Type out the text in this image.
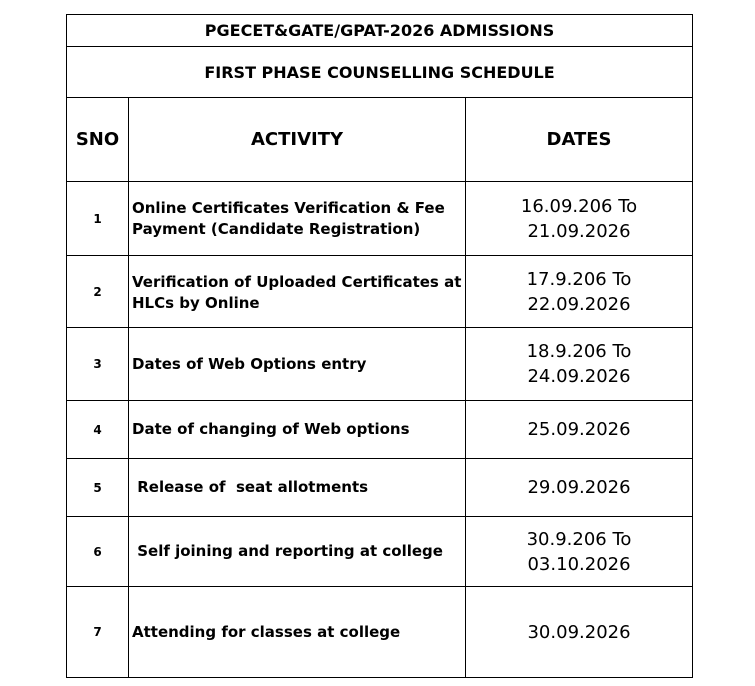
PGECET&GATE/GPAT-2026 ADMISSIONS		
FIRST PHASE COUNSELLING SCHEDULE		
SNO	ACTIVITY	DATES
1	Online Certificates Verification & Fee Payment (Candidate Registration)	16.09.206 To
21.09.2026

2	Verification of Uploaded Certificates at HLCs by Online	17.9.206 To
22.09.2026

3	Dates of Web Options entry	18.9.206 To
24.09.2026

4	Date of changing of Web options	25.09.2026

5	Release of  seat allotments	29.09.2026

6	Self joining and reporting at college	30.9.206 To
03.10.2026

7	Attending for classes at college	30.09.2026
